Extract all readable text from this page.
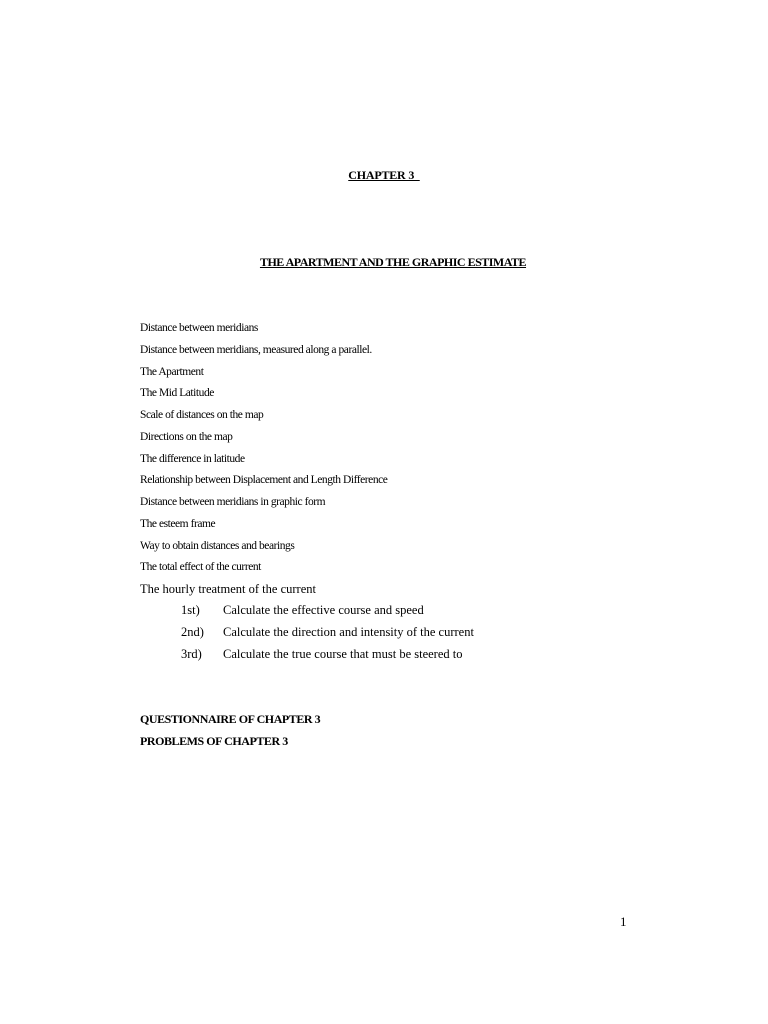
CHAPTER 3
THE APARTMENT AND THE GRAPHIC ESTIMATE
Distance between meridians
Distance between meridians, measured along a parallel.
The Apartment
The Mid Latitude
Scale of distances on the map
Directions on the map
The difference in latitude
Relationship between Displacement and Length Difference
Distance between meridians in graphic form
The esteem frame
Way to obtain distances and bearings
The total effect of the current
The hourly treatment of the current
1st) Calculate the effective course and speed
2nd) Calculate the direction and intensity of the current
3rd) Calculate the true course that must be steered to
QUESTIONNAIRE OF CHAPTER 3
PROBLEMS OF CHAPTER 3
1
